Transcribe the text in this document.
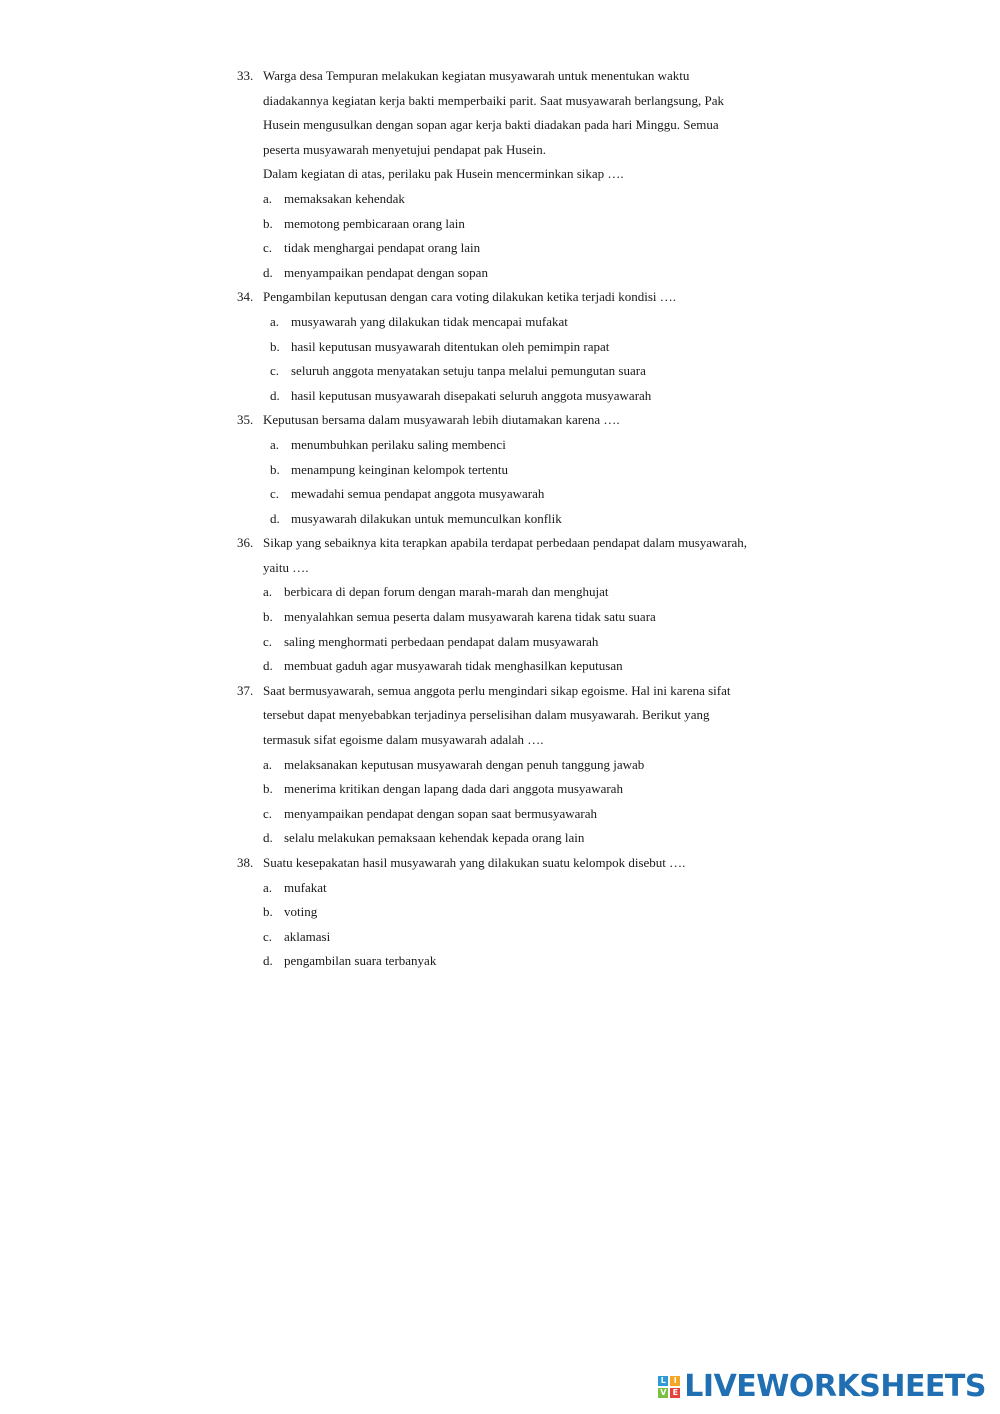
33. Warga desa Tempuran melakukan kegiatan musyawarah untuk menentukan waktu
diadakannya kegiatan kerja bakti memperbaiki parit. Saat musyawarah berlangsung, Pak
Husein mengusulkan dengan sopan agar kerja bakti diadakan pada hari Minggu. Semua
peserta musyawarah menyetujui pendapat pak Husein.
Dalam kegiatan di atas, perilaku pak Husein mencerminkan sikap ….
a. memaksakan kehendak
b. memotong pembicaraan orang lain
c. tidak menghargai pendapat orang lain
d. menyampaikan pendapat dengan sopan
34. Pengambilan keputusan dengan cara voting dilakukan ketika terjadi kondisi ….
a. musyawarah yang dilakukan tidak mencapai mufakat
b. hasil keputusan musyawarah ditentukan oleh pemimpin rapat
c. seluruh anggota menyatakan setuju tanpa melalui pemungutan suara
d. hasil keputusan musyawarah disepakati seluruh anggota musyawarah
35. Keputusan bersama dalam musyawarah lebih diutamakan karena ….
a. menumbuhkan perilaku saling membenci
b. menampung keinginan kelompok tertentu
c. mewadahi semua pendapat anggota musyawarah
d. musyawarah dilakukan untuk memunculkan konflik
36. Sikap yang sebaiknya kita terapkan apabila terdapat perbedaan pendapat dalam musyawarah,
yaitu ….
a. berbicara di depan forum dengan marah-marah dan menghujat
b. menyalahkan semua peserta dalam musyawarah karena tidak satu suara
c. saling menghormati perbedaan pendapat dalam musyawarah
d. membuat gaduh agar musyawarah tidak menghasilkan keputusan
37. Saat bermusyawarah, semua anggota perlu mengindari sikap egoisme. Hal ini karena sifat
tersebut dapat menyebabkan terjadinya perselisihan dalam musyawarah. Berikut yang
termasuk sifat egoisme dalam musyawarah adalah ….
a. melaksanakan keputusan musyawarah dengan penuh tanggung jawab
b. menerima kritikan dengan lapang dada dari anggota musyawarah
c. menyampaikan pendapat dengan sopan saat bermusyawarah
d. selalu melakukan pemaksaan kehendak kepada orang lain
38. Suatu kesepakatan hasil musyawarah yang dilakukan suatu kelompok disebut ….
a. mufakat
b. voting
c. aklamasi
d. pengambilan suara terbanyak
L I
V E LIVEWORKSHEETS
